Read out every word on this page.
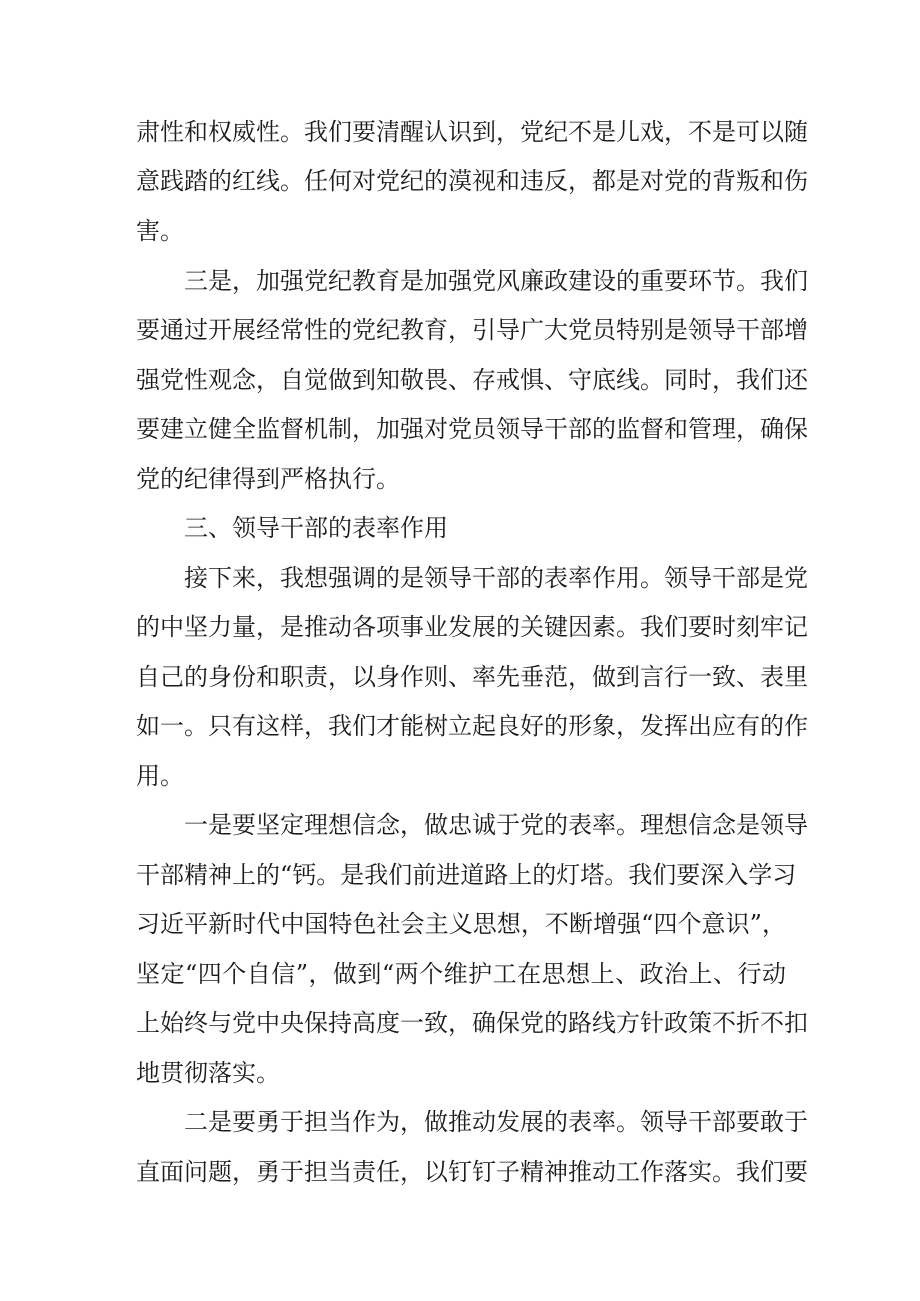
肃性和权威性。我们要清醒认识到，党纪不是儿戏，不是可以随
意践踏的红线。任何对党纪的漠视和违反，都是对党的背叛和伤
害。
三是，加强党纪教育是加强党风廉政建设的重要环节。我们
要通过开展经常性的党纪教育，引导广大党员特别是领导干部增
强党性观念，自觉做到知敬畏、存戒惧、守底线。同时，我们还
要建立健全监督机制，加强对党员领导干部的监督和管理，确保
党的纪律得到严格执行。
三、领导干部的表率作用
接下来，我想强调的是领导干部的表率作用。领导干部是党
的中坚力量，是推动各项事业发展的关键因素。我们要时刻牢记
自己的身份和职责，以身作则、率先垂范，做到言行一致、表里
如一。只有这样，我们才能树立起良好的形象，发挥出应有的作
用。
一是要坚定理想信念，做忠诚于党的表率。理想信念是领导
干部精神上的“钙。是我们前进道路上的灯塔。我们要深入学习
习近平新时代中国特色社会主义思想，不断增强“四个意识”，
坚定“四个自信”，做到“两个维护工在思想上、政治上、行动
上始终与党中央保持高度一致，确保党的路线方针政策不折不扣
地贯彻落实。
二是要勇于担当作为，做推动发展的表率。领导干部要敢于
直面问题，勇于担当责任，以钉钉子精神推动工作落实。我们要
